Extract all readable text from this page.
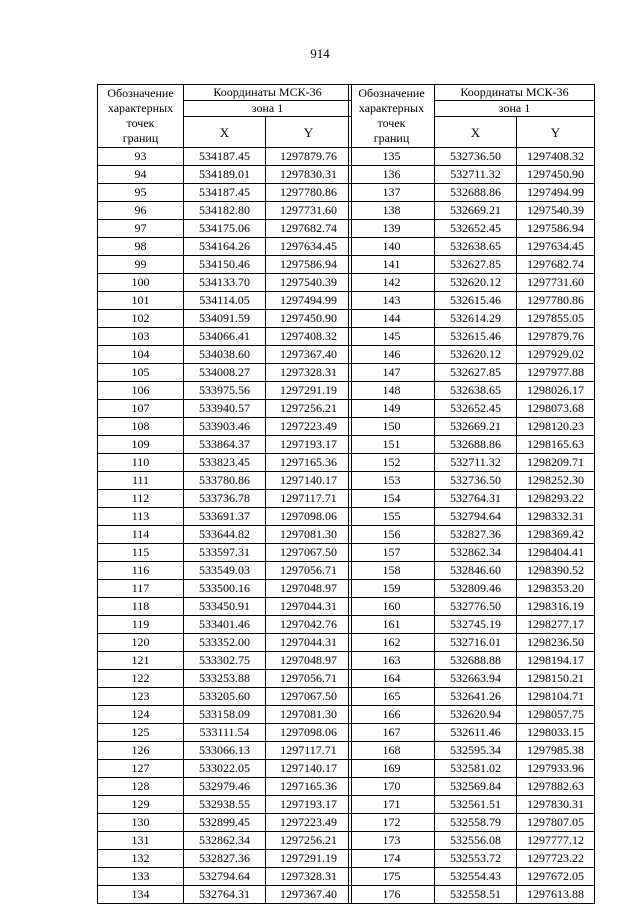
914
Обозначение
характерных
точек
границ	Координаты МСК-36	
	зона 1	
	X	Y
93	534187.45	1297879.76
94	534189.01	1297830.31
95	534187.45	1297780.86
96	534182.80	1297731.60
97	534175.06	1297682.74
98	534164.26	1297634.45
99	534150.46	1297586.94
100	534133.70	1297540.39
101	534114.05	1297494.99
102	534091.59	1297450.90
103	534066.41	1297408.32
104	534038.60	1297367.40
105	534008.27	1297328.31
106	533975.56	1297291.19
107	533940.57	1297256.21
108	533903.46	1297223.49
109	533864.37	1297193.17
110	533823.45	1297165.36
111	533780.86	1297140.17
112	533736.78	1297117.71
113	533691.37	1297098.06
114	533644.82	1297081.30
115	533597.31	1297067.50
116	533549.03	1297056.71
117	533500.16	1297048.97
118	533450.91	1297044.31
119	533401.46	1297042.76
120	533352.00	1297044.31
121	533302.75	1297048.97
122	533253.88	1297056.71
123	533205.60	1297067.50
124	533158.09	1297081.30
125	533111.54	1297098.06
126	533066.13	1297117.71
127	533022.05	1297140.17
128	532979.46	1297165.36
129	532938.55	1297193.17
130	532899.45	1297223.49
131	532862.34	1297256.21
132	532827.36	1297291.19
133	532794.64	1297328.31
134	532764.31	1297367.40
Обозначение
характерных
точек
границ	Координаты МСК-36	
	зона 1	
	X	Y
135	532736.50	1297408.32
136	532711.32	1297450.90
137	532688.86	1297494.99
138	532669.21	1297540.39
139	532652.45	1297586.94
140	532638.65	1297634.45
141	532627.85	1297682.74
142	532620.12	1297731.60
143	532615.46	1297780.86
144	532614.29	1297855.05
145	532615.46	1297879.76
146	532620.12	1297929.02
147	532627.85	1297977.88
148	532638.65	1298026.17
149	532652.45	1298073.68
150	532669.21	1298120.23
151	532688.86	1298165.63
152	532711.32	1298209.71
153	532736.50	1298252.30
154	532764.31	1298293.22
155	532794.64	1298332.31
156	532827.36	1298369.42
157	532862.34	1298404.41
158	532846.60	1298390.52
159	532809.46	1298353.20
160	532776.50	1298316.19
161	532745.19	1298277.17
162	532716.01	1298236.50
163	532688.88	1298194.17
164	532663.94	1298150.21
165	532641.26	1298104.71
166	532620.94	1298057.75
167	532611.46	1298033.15
168	532595.34	1297985.38
169	532581.02	1297933.96
170	532569.84	1297882.63
171	532561.51	1297830.31
172	532558.79	1297807.05
173	532556.08	1297777.12
174	532553.72	1297723.22
175	532554.43	1297672.05
176	532558.51	1297613.88
